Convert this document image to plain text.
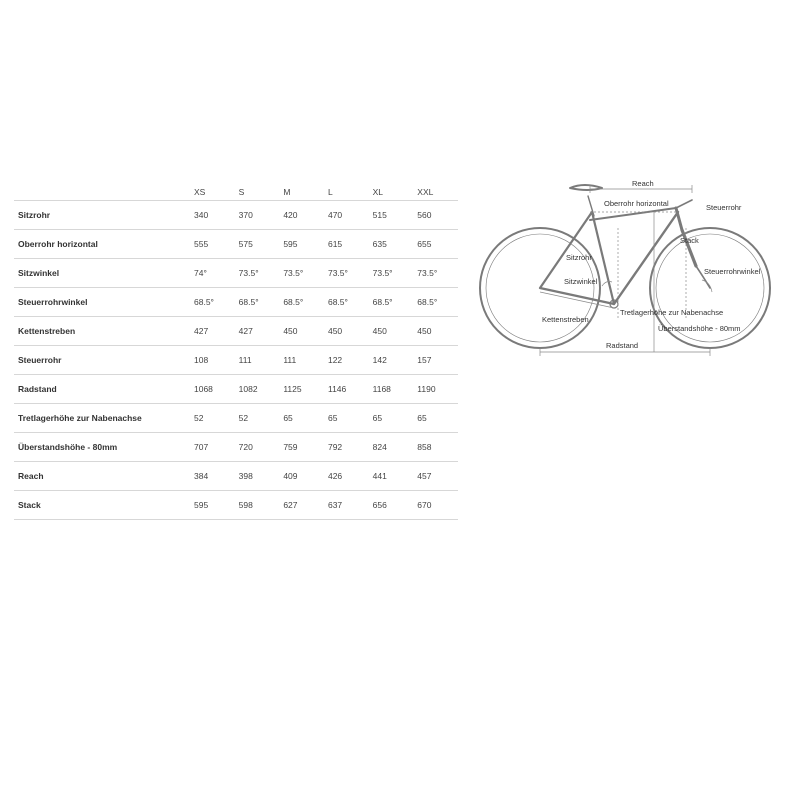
	XS	S	M	L	XL	XXL
Sitzrohr	340	370	420	470	515	560
Oberrohr horizontal	555	575	595	615	635	655
Sitzwinkel	74°	73.5°	73.5°	73.5°	73.5°	73.5°
Steuerrohrwinkel	68.5°	68.5°	68.5°	68.5°	68.5°	68.5°
Kettenstreben	427	427	450	450	450	450
Steuerrohr	108	111	111	122	142	157
Radstand	1068	1082	1125	1146	1168	1190
Tretlagerhöhe zur Nabenachse	52	52	65	65	65	65
Überstandshöhe - 80mm	707	720	759	792	824	858
Reach	384	398	409	426	441	457
Stack	595	598	627	637	656	670
Reach
Oberrohr horizontal	Steuerrohr
Stack
Sitzrohr
Steuerrohrwinkel
Sitzwinkel
Kettenstreben
Tretlagerhöhe zur Nabenachse
Überstandshöhe - 80mm
Radstand
